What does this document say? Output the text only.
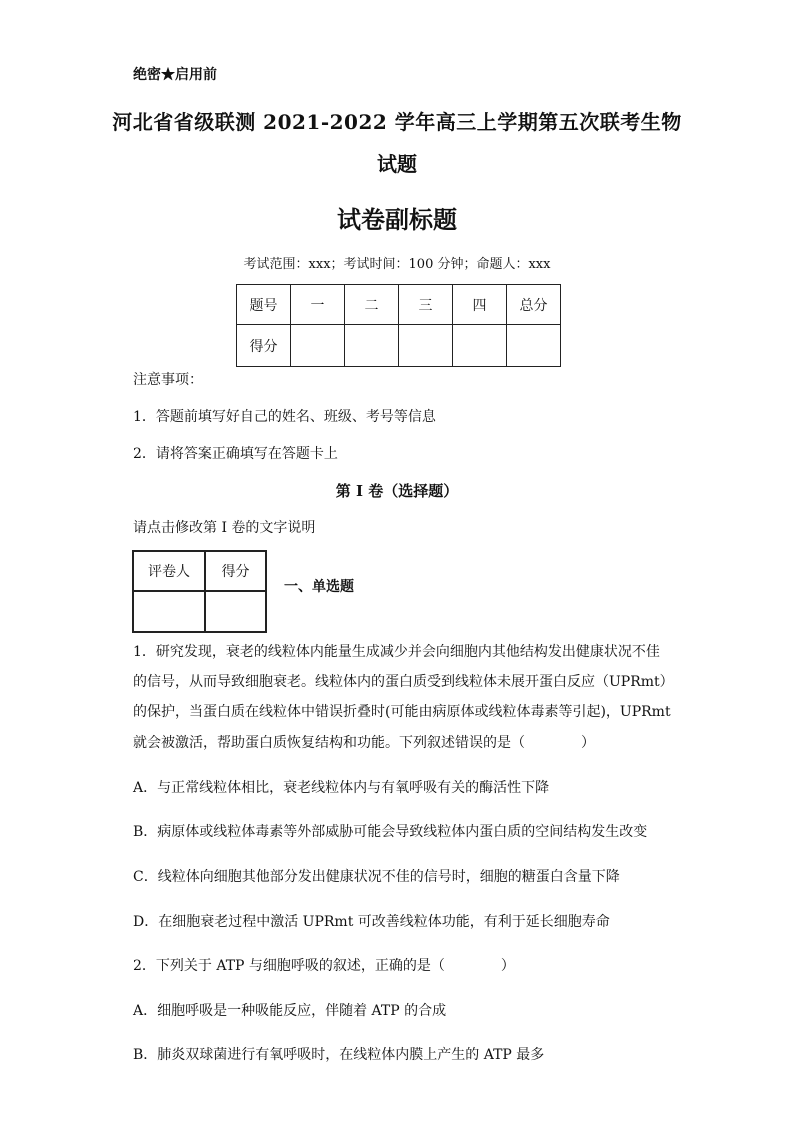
绝密★启用前
河北省省级联测 2021-2022 学年高三上学期第五次联考生物
试题
试卷副标题
考试范围：xxx；考试时间：100 分钟；命题人：xxx
题号	一	二	三	四	总分
得分					
注意事项：
1．答题前填写好自己的姓名、班级、考号等信息
2．请将答案正确填写在答题卡上
第 I 卷（选择题）
请点击修改第 I 卷的文字说明
评卷人	得分

一、单选题
1．研究发现，衰老的线粒体内能量生成减少并会向细胞内其他结构发出健康状况不佳
的信号，从而导致细胞衰老。线粒体内的蛋白质受到线粒体未展开蛋白反应（UPRmt）
的保护，当蛋白质在线粒体中错误折叠时(可能由病原体或线粒体毒素等引起)，UPRmt
就会被激活，帮助蛋白质恢复结构和功能。下列叙述错误的是（　　　　）
A．与正常线粒体相比，衰老线粒体内与有氧呼吸有关的酶活性下降
B．病原体或线粒体毒素等外部威胁可能会导致线粒体内蛋白质的空间结构发生改变
C．线粒体向细胞其他部分发出健康状况不佳的信号时，细胞的糖蛋白含量下降
D．在细胞衰老过程中激活 UPRmt 可改善线粒体功能，有利于延长细胞寿命
2．下列关于 ATP 与细胞呼吸的叙述，正确的是（　　　　）
A．细胞呼吸是一种吸能反应，伴随着 ATP 的合成
B．肺炎双球菌进行有氧呼吸时，在线粒体内膜上产生的 ATP 最多
